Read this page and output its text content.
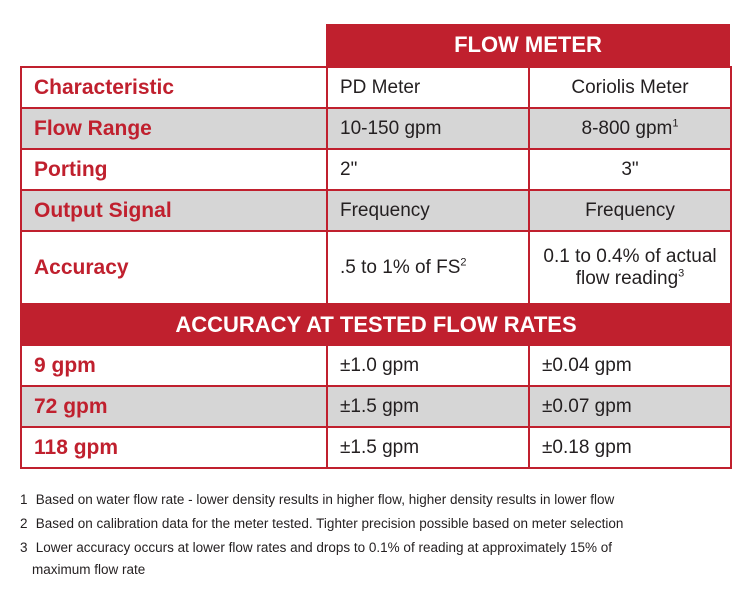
FLOW METER
Characteristic	PD Meter	Coriolis Meter
Flow Range	10-150 gpm	8-800 gpm$^1$
Porting	2"	3"
Output Signal	Frequency	Frequency
Accuracy	.5 to 1% of $FS^2$	0.1 to 0.4% of actual
flow reading$^3$

ACCURACY AT TESTED FLOW RATES		
9 gpm	±1.0 gpm	±0.04 gpm
72 gpm	±1.5 gpm	±0.07 gpm
118 gpm	±1.5 gpm	±0.18 gpm
1 Based on water flow rate - lower density results in higher flow, higher density results in lower flow
2 Based on calibration data for the meter tested. Tighter precision possible based on meter selection
3 Lower accuracy occurs at lower flow rates and drops to 0.1% of reading at approximately 15% of
maximum flow rate
